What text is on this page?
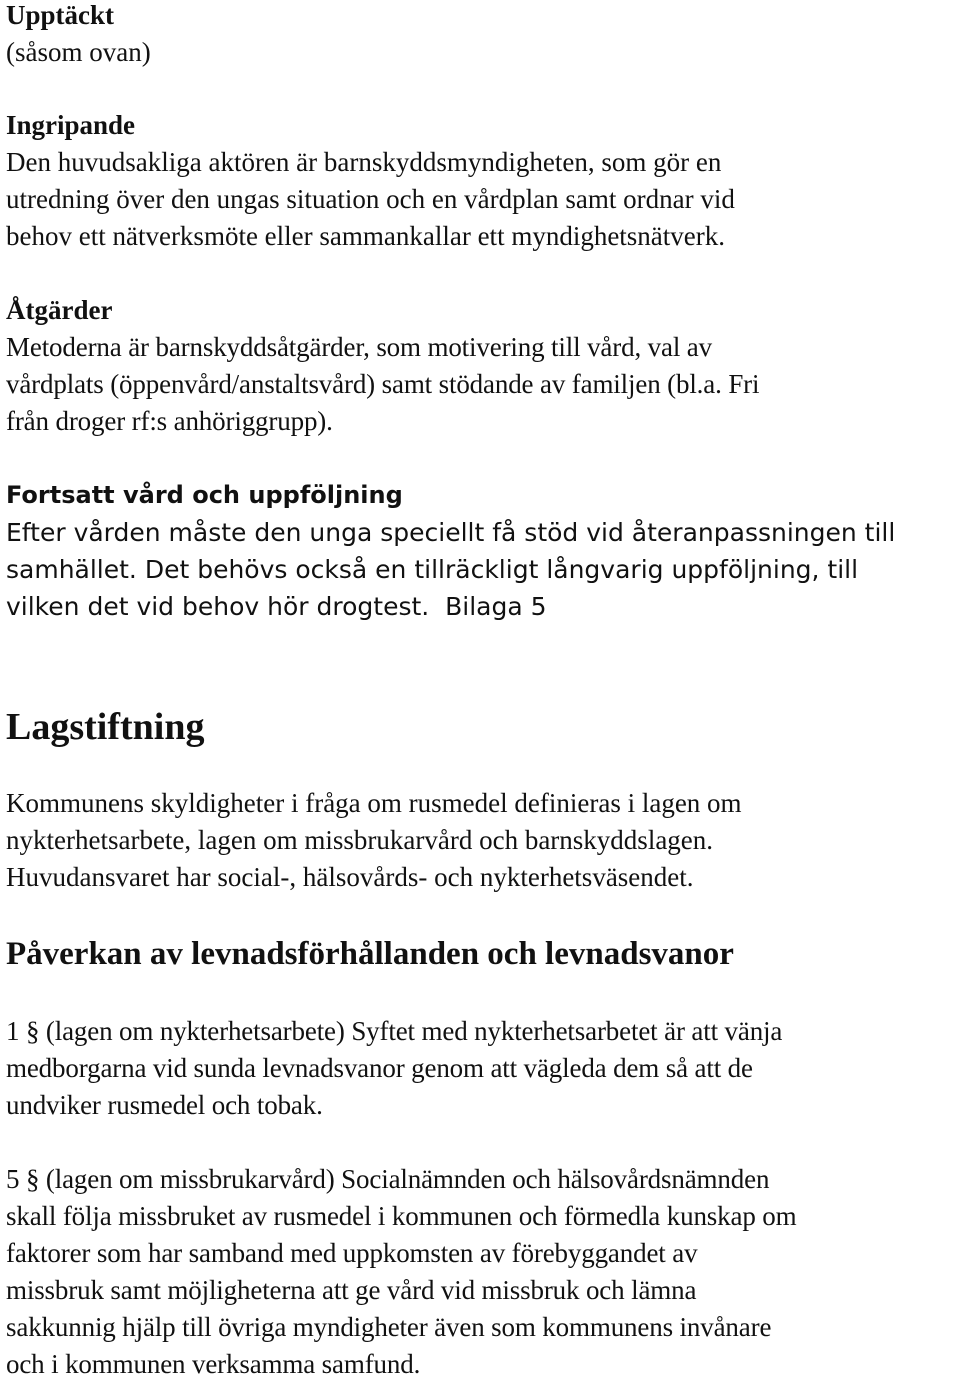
Upptäckt
(såsom ovan)
Ingripande
Den huvudsakliga aktören är barnskyddsmyndigheten, som gör en
utredning över den ungas situation och en vårdplan samt ordnar vid
behov ett nätverksmöte eller sammankallar ett myndighetsnätverk.
Åtgärder
Metoderna är barnskyddsåtgärder, som motivering till vård, val av
vårdplats (öppenvård/anstaltsvård) samt stödande av familjen (bl.a. Fri
från droger rf:s anhöriggrupp).
Fortsatt vård och uppföljning
Efter vården måste den unga speciellt få stöd vid återanpassningen till
samhället. Det behövs också en tillräckligt långvarig uppföljning, till
vilken det vid behov hör drogtest. Bilaga 5
Lagstiftning
Kommunens skyldigheter i fråga om rusmedel definieras i lagen om
nykterhetsarbete, lagen om missbrukarvård och barnskyddslagen.
Huvudansvaret har social-, hälsovårds- och nykterhetsväsendet.
Påverkan av levnadsförhållanden och levnadsvanor
1 § (lagen om nykterhetsarbete) Syftet med nykterhetsarbetet är att vänja
medborgarna vid sunda levnadsvanor genom att vägleda dem så att de
undviker rusmedel och tobak.
5 § (lagen om missbrukarvård) Socialnämnden och hälsovårdsnämnden
skall följa missbruket av rusmedel i kommunen och förmedla kunskap om
faktorer som har samband med uppkomsten av förebyggandet av
missbruk samt möjligheterna att ge vård vid missbruk och lämna
sakkunnig hjälp till övriga myndigheter även som kommunens invånare
och i kommunen verksamma samfund.
